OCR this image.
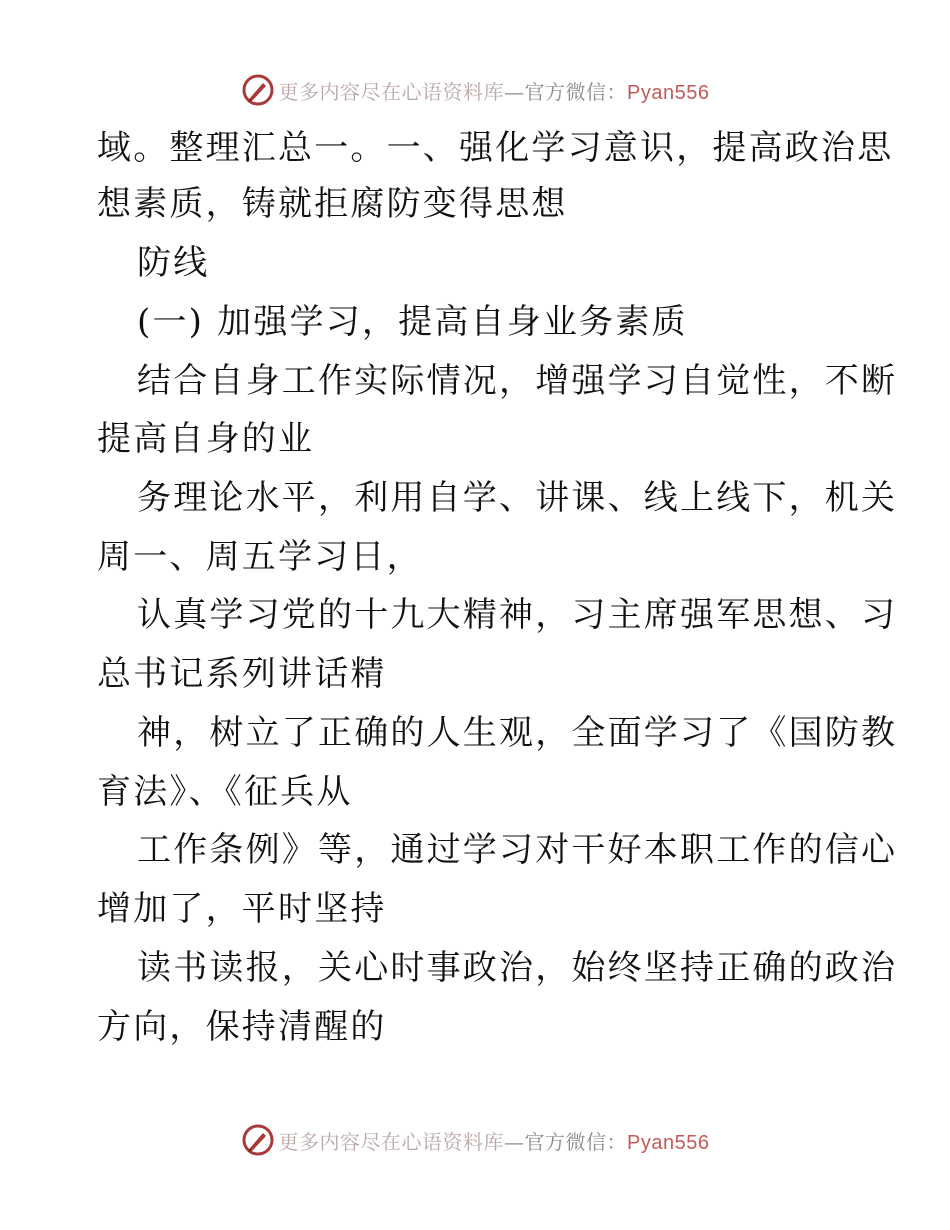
更多内容尽在心语资料库—官方微信：Pyan556
域。整理汇总一。一、强化学习意识，提高政治思
想素质，铸就拒腐防变得思想
防线
(一) 加强学习，提高自身业务素质
结合自身工作实际情况，增强学习自觉性，不断
提高自身的业
务理论水平，利用自学、讲课、线上线下，机关
周一、周五学习日，
认真学习党的十九大精神，习主席强军思想、习
总书记系列讲话精
神，树立了正确的人生观，全面学习了《国防教
育法》、《征兵从
工作条例》等，通过学习对干好本职工作的信心
增加了，平时坚持
读书读报，关心时事政治，始终坚持正确的政治
方向，保持清醒的
更多内容尽在心语资料库—官方微信：Pyan556
